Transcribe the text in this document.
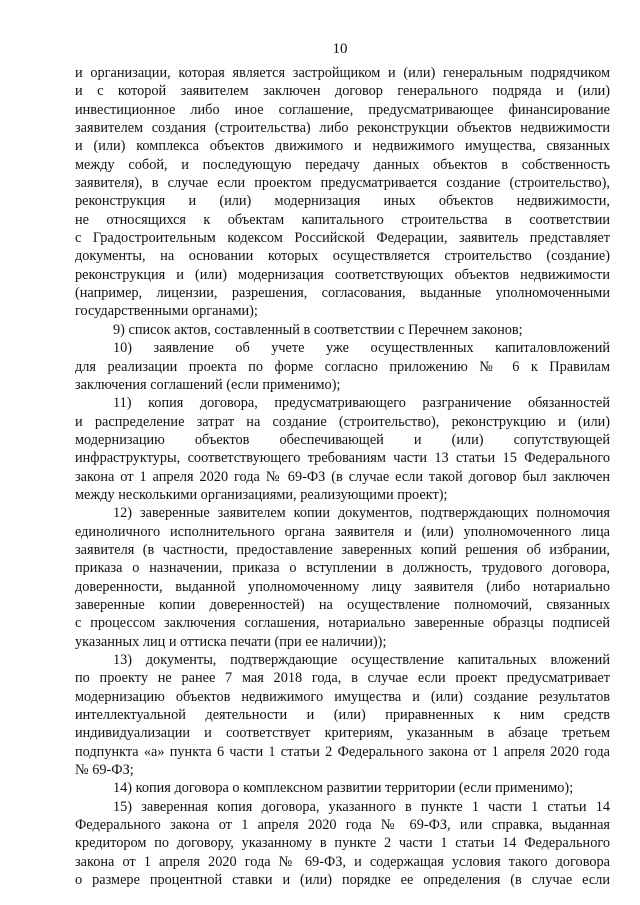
10
и организации, которая является застройщиком и (или) генеральным подрядчиком
и с которой заявителем заключен договор генерального подряда и (или)
инвестиционное либо иное соглашение, предусматривающее финансирование
заявителем создания (строительства) либо реконструкции объектов недвижимости
и (или) комплекса объектов движимого и недвижимого имущества, связанных
между собой, и последующую передачу данных объектов в собственность
заявителя), в случае если проектом предусматривается создание (строительство),
реконструкция и (или) модернизация иных объектов недвижимости,
не относящихся к объектам капитального строительства в соответствии
с Градостроительным кодексом Российской Федерации, заявитель представляет
документы, на основании которых осуществляется строительство (создание)
реконструкция и (или) модернизация соответствующих объектов недвижимости
(например, лицензии, разрешения, согласования, выданные уполномоченными
государственными органами);
9) список актов, составленный в соответствии с Перечнем законов;
10) заявление об учете уже осуществленных капиталовложений
для реализации проекта по форме согласно приложению № 6 к Правилам
заключения соглашений (если применимо);
11) копия договора, предусматривающего разграничение обязанностей
и распределение затрат на создание (строительство), реконструкцию и (или)
модернизацию объектов обеспечивающей и (или) сопутствующей
инфраструктуры, соответствующего требованиям части 13 статьи 15 Федерального
закона от 1 апреля 2020 года № 69-ФЗ (в случае если такой договор был заключен
между несколькими организациями, реализующими проект);
12) заверенные заявителем копии документов, подтверждающих полномочия
единоличного исполнительного органа заявителя и (или) уполномоченного лица
заявителя (в частности, предоставление заверенных копий решения об избрании,
приказа о назначении, приказа о вступлении в должность, трудового договора,
доверенности, выданной уполномоченному лицу заявителя (либо нотариально
заверенные копии доверенностей) на осуществление полномочий, связанных
с процессом заключения соглашения, нотариально заверенные образцы подписей
указанных лиц и оттиска печати (при ее наличии));
13) документы, подтверждающие осуществление капитальных вложений
по проекту не ранее 7 мая 2018 года, в случае если проект предусматривает
модернизацию объектов недвижимого имущества и (или) создание результатов
интеллектуальной деятельности и (или) приравненных к ним средств
индивидуализации и соответствует критериям, указанным в абзаце третьем
подпункта «а» пункта 6 части 1 статьи 2 Федерального закона от 1 апреля 2020 года
№ 69-ФЗ;
14) копия договора о комплексном развитии территории (если применимо);
15) заверенная копия договора, указанного в пункте 1 части 1 статьи 14
Федерального закона от 1 апреля 2020 года № 69-ФЗ, или справка, выданная
кредитором по договору, указанному в пункте 2 части 1 статьи 14 Федерального
закона от 1 апреля 2020 года № 69-ФЗ, и содержащая условия такого договора
о размере процентной ставки и (или) порядке ее определения (в случае если
